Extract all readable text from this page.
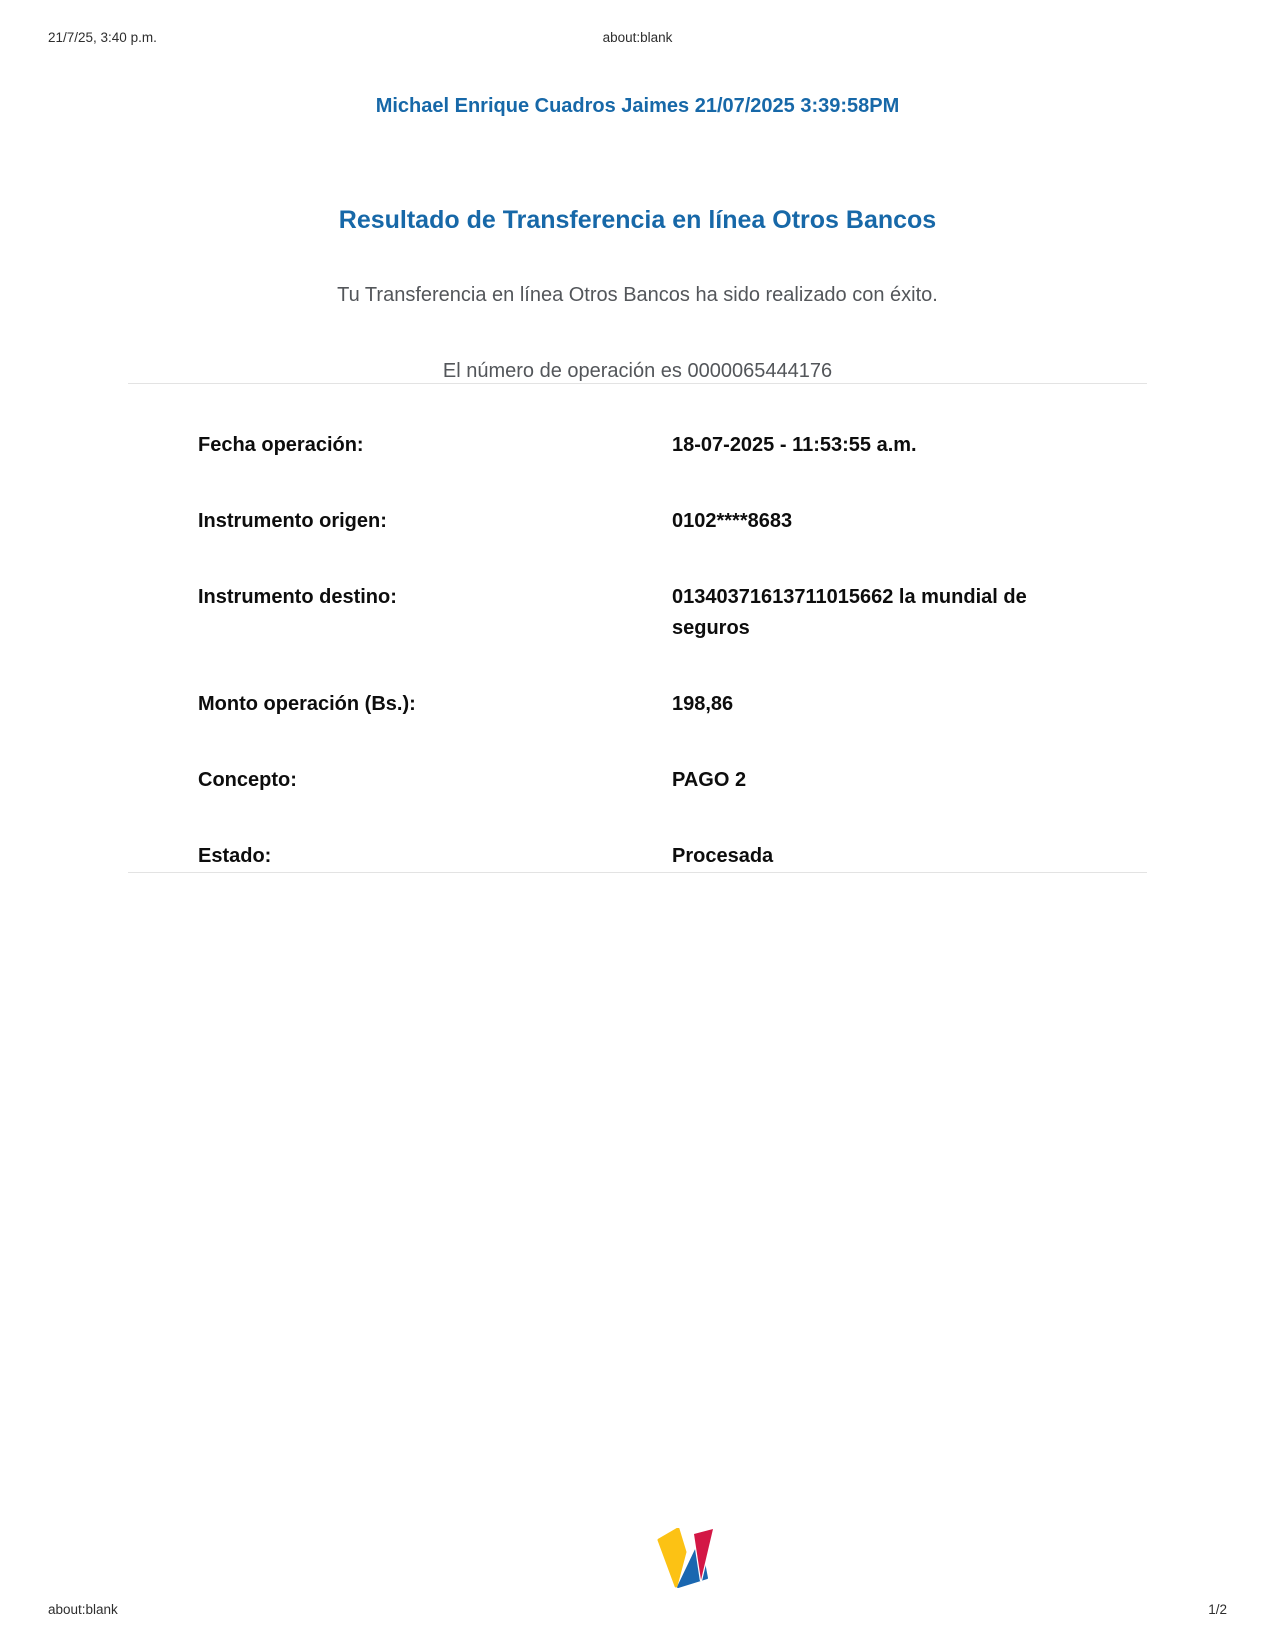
about:blank
21/7/25, 3:40 p.m.
Michael Enrique Cuadros Jaimes 21/07/2025 3:39:58PM
Resultado de Transferencia en línea Otros Bancos
Tu Transferencia en línea Otros Bancos ha sido realizado con éxito.
El número de operación es 0000065444176
Fecha operación:	18-07-2025 - 11:53:55 a.m.
Instrumento origen:	0102****8683
Instrumento destino:	01340371613711015662 la mundial de seguros
Monto operación (Bs.):	198,86
Concepto:	PAGO 2
Estado:	Procesada
about:blank	1/2
